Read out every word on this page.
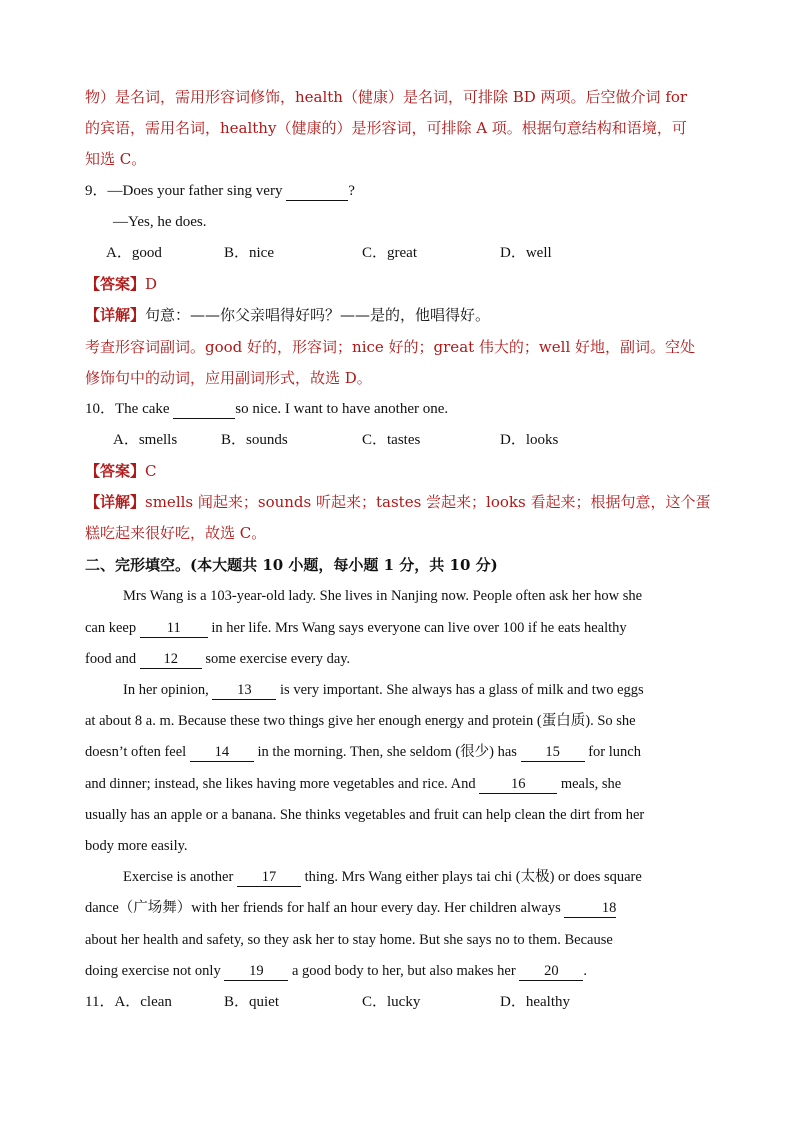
物）是名词，需用形容词修饰，health（健康）是名词，可排除 BD 两项。后空做介词 for
的宾语，需用名词，healthy（健康的）是形容词，可排除 A 项。根据句意结构和语境，可
知选 C。
9．—Does your father sing very	?
—Yes, he does.
A．good	B．nice	C．great	D．well
【答案】D
【详解】句意：——你父亲唱得好吗？——是的，他唱得好。
考查形容词副词。good 好的，形容词；nice 好的；great 伟大的；well 好地，副词。空处
修饰句中的动词，应用副词形式，故选 D。
10．The cake	so nice. I want to have another one.
A．smells	B．sounds	C．tastes	D．looks
【答案】C
【详解】smells 闻起来；sounds 听起来；tastes 尝起来；looks 看起来；根据句意，这个蛋
糕吃起来很好吃，故选 C。
二、完形填空。(本大题共 10 小题，每小题 1 分，共 10 分)
Mrs Wang is a 103-year-old lady. She lives in Nanjing now. People often ask her how she
can keep 11 in her life. Mrs Wang says everyone can live over 100 if he eats healthy
food and 12 some exercise every day.
In her opinion, 13 is very important. She always has a glass of milk and two eggs
at about 8 a. m. Because these two things give her enough energy and protein (蛋白质). So she
doesn’t often feel 14 in the morning. Then, she seldom (很少) has 15 for lunch
and dinner; instead, she likes having more vegetables and rice. And 16 meals, she
usually has an apple or a banana. She thinks vegetables and fruit can help clean the dirt from her
body more easily.
Exercise is another 17 thing. Mrs Wang either plays tai chi (太极) or does square
dance（广场舞）with her friends for half an hour every day. Her children always	18
about her health and safety, so they ask her to stay home. But she says no to them. Because
doing exercise not only 19 a good body to her, but also makes her 20 .
11．A．clean	B．quiet	C．lucky	D．healthy
